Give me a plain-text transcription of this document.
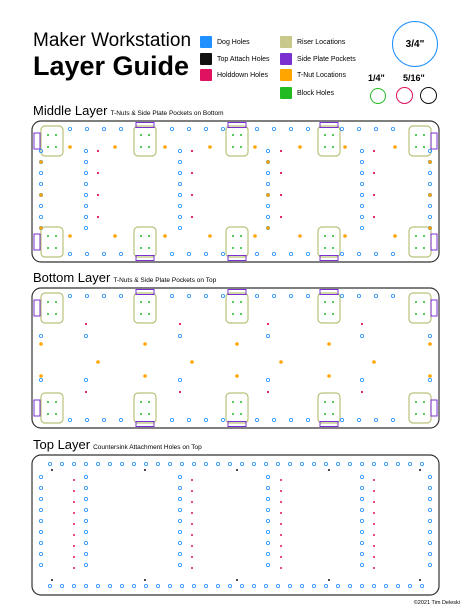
Maker Workstation
Layer Guide
Dog Holes
Top Attach Holes
Holddown Holes
Riser Locations
Side Plate Pockets
T-Nut Locations
Block Holes
3/4"
1/4" 5/16"
Middle Layer T-Nuts & Side Plate Pockets on Bottom
Bottom Layer T-Nuts & Side Plate Pockets on Top
Top Layer Countersink Attachment Holes on Top
©2021 Tim Deleski
